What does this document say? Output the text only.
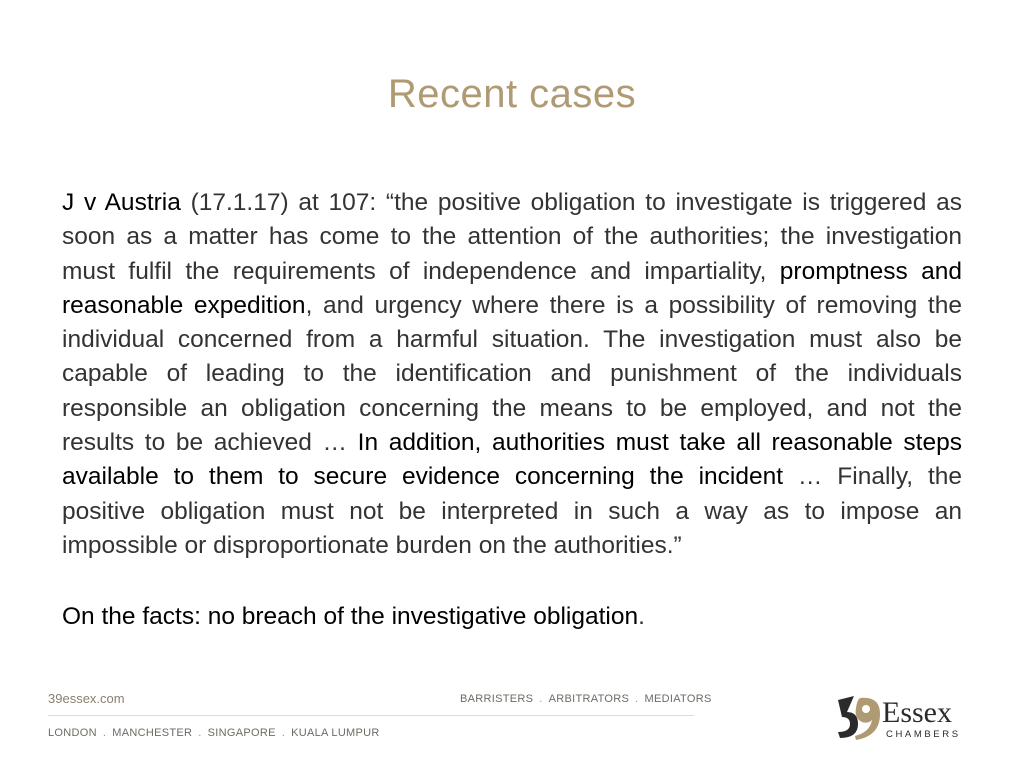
Recent cases

J v Austria (17.1.17) at 107: “the positive obligation to investigate is triggered as soon as a matter has come to the attention of the authorities; the investigation must fulfil the requirements of independence and impartiality, promptness and reasonable expedition, and urgency where there is a possibility of removing the individual concerned from a harmful situation. The investigation must also be capable of leading to the identification and punishment of the individuals responsible an obligation concerning the means to be employed, and not the results to be achieved … In addition, authorities must take all reasonable steps available to them to secure evidence concerning the incident … Finally, the positive obligation must not be interpreted in such a way as to impose an impossible or disproportionate burden on the authorities.”

On the facts: no breach of the investigative obligation.

39essex.com	BARRISTERS . ARBITRATORS . MEDIATORS
LONDON . MANCHESTER . SINGAPORE . KUALA LUMPUR
Essex
CHAMBERS
